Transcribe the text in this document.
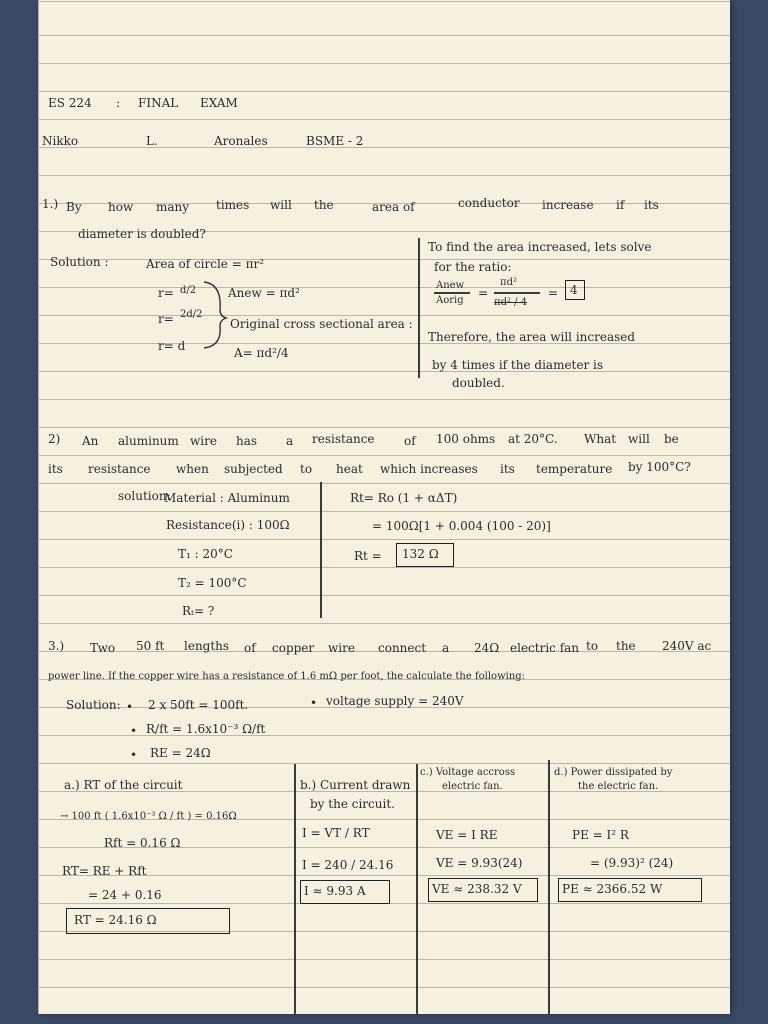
ES 224 : FINAL EXAM
Nikko	L.	Aronales	BSME - 2
1.) By how many times will the	area of	conductor increase if its
diameter is doubled?
Solution :	Area of circle = πr²
r= d/2	Anew = πd²
r= 2d/2
Original cross sectional area :
r= d	A= πd²/4
To find the area increased, lets solve
for the ratio:
Anew
Aorig
=
πd²
πd² / 4
= 4
Therefore, the area will increased
by 4 times if the diameter is
doubled.
2) An aluminum wire has a resistance of 100 ohms at 20°C. What will be
its resistance when subjected to heat which increases its temperature by 100°C?
solution:
Material : Aluminum
Resistance(i) : 100Ω
T₁ : 20°C
T₂ = 100°C
Rₜ= ?
Rt= Ro (1 + αΔT)
= 100Ω[1 + 0.004 (100 - 20)]
Rt = 132 Ω
3.) Two 50 ft lengths of copper wire connect a 24Ω electric fan to the 240V ac
power line. If the copper wire has a resistance of 1.6 mΩ per foot, the calculate the following:
Solution: • 2 x 50ft = 100ft.	• voltage supply = 240V
• R/ft = 1.6x10⁻³ Ω/ft
• RE = 24Ω
a.) RT of the circuit
→ 100 ft ( 1.6x10⁻³ Ω / ft ) = 0.16Ω
Rft = 0.16 Ω
RT= RE + Rft
= 24 + 0.16
RT = 24.16 Ω
b.) Current drawn
by the circuit.
I = VT / RT
I = 240 / 24.16
I ≈ 9.93 A
c.) Voltage accross
electric fan.
VE = I RE
VE = 9.93(24)
VE ≈ 238.32 V
d.) Power dissipated by
the electric fan.
PE = I² R
= (9.93)² (24)
PE ≈ 2366.52 W
